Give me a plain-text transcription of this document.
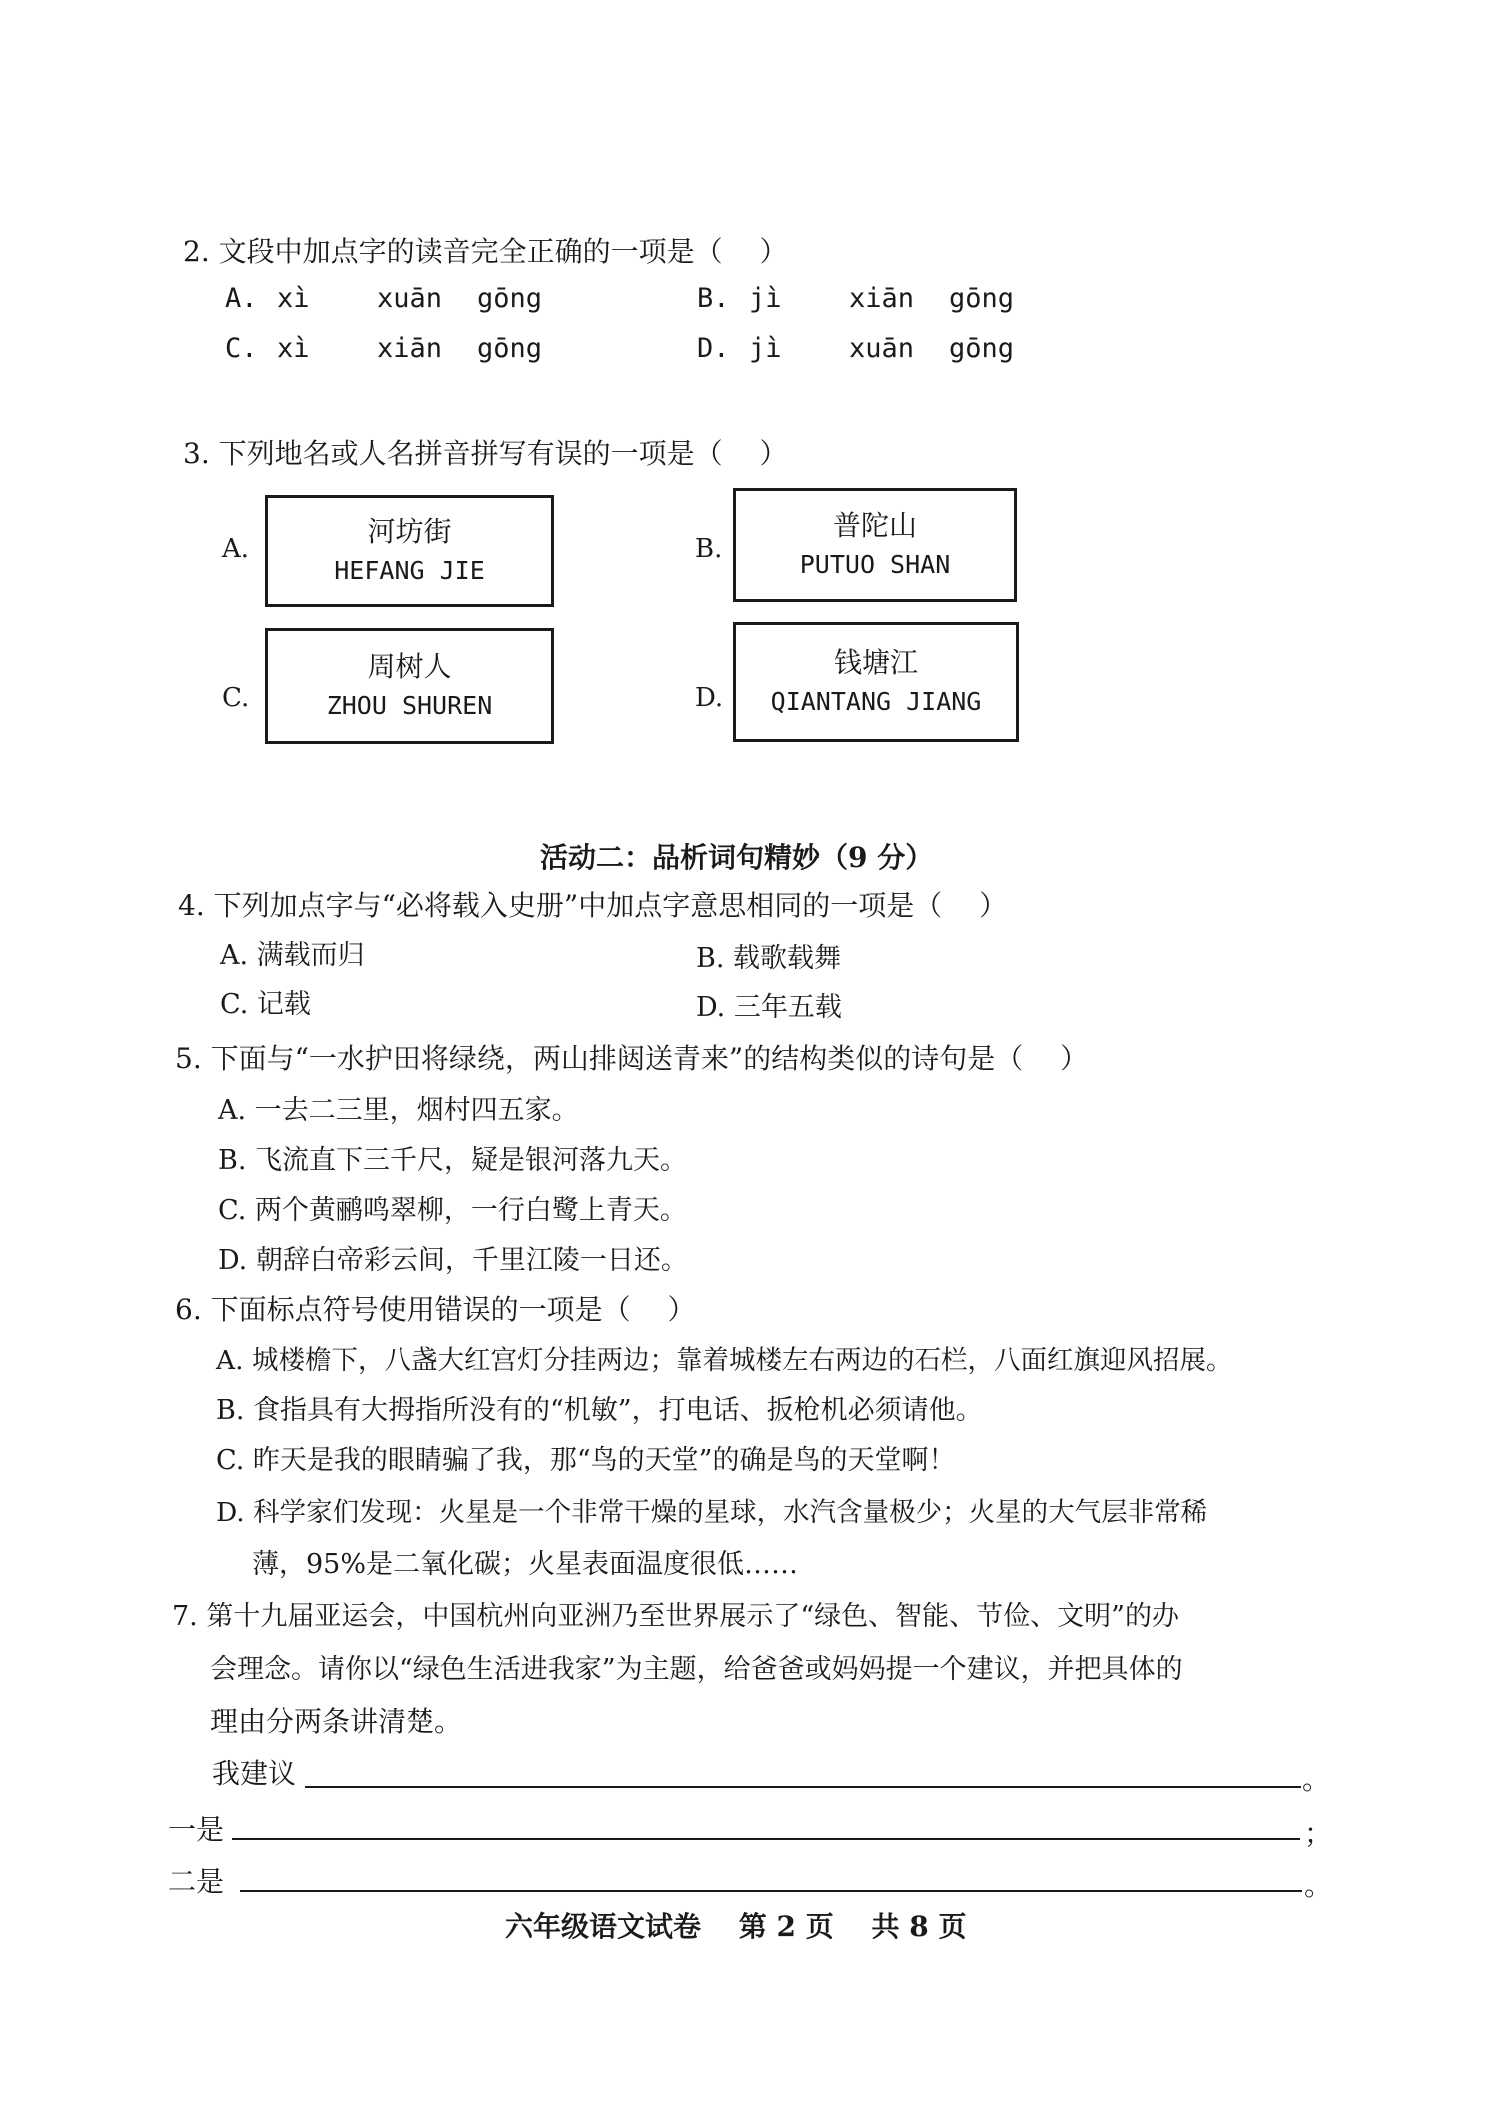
2. 文段中加点字的读音完全正确的一项是（　 ）
A. xì xuān gōng	B. jì xiān gōng
C. xì xiān gōng	D. jì xuān gōng
3. 下列地名或人名拼音拼写有误的一项是（　 ）
A.
河坊街
HEFANG JIE
B.
普陀山
PUTUO SHAN
C.
周树人
ZHOU SHUREN	D.
钱塘江
QIANTANG JIANG
活动二：品析词句精妙（9 分）
4. 下列加点字与“必将载入史册”中加点字意思相同的一项是（　 ）
A. 满载而归	B. 载歌载舞
C. 记载	D. 三年五载
5. 下面与“一水护田将绿绕，两山排闼送青来”的结构类似的诗句是（　 ）
A. 一去二三里，烟村四五家。
B. 飞流直下三千尺，疑是银河落九天。
C. 两个黄鹂鸣翠柳，一行白鹭上青天。
D. 朝辞白帝彩云间，千里江陵一日还。
6. 下面标点符号使用错误的一项是（　 ）
A. 城楼檐下，八盏大红宫灯分挂两边；靠着城楼左右两边的石栏，八面红旗迎风招展。
B. 食指具有大拇指所没有的“机敏”，打电话、扳枪机必须请他。
C. 昨天是我的眼睛骗了我，那“鸟的天堂”的确是鸟的天堂啊！
D. 科学家们发现：火星是一个非常干燥的星球，水汽含量极少；火星的大气层非常稀
薄，95%是二氧化碳；火星表面温度很低……
7. 第十九届亚运会，中国杭州向亚洲乃至世界展示了“绿色、智能、节俭、文明”的办
会理念。请你以“绿色生活进我家”为主题，给爸爸或妈妈提一个建议，并把具体的
理由分两条讲清楚。
我建议	。
一是	；
二是	。
六年级语文试卷　 第 2 页　 共 8 页
